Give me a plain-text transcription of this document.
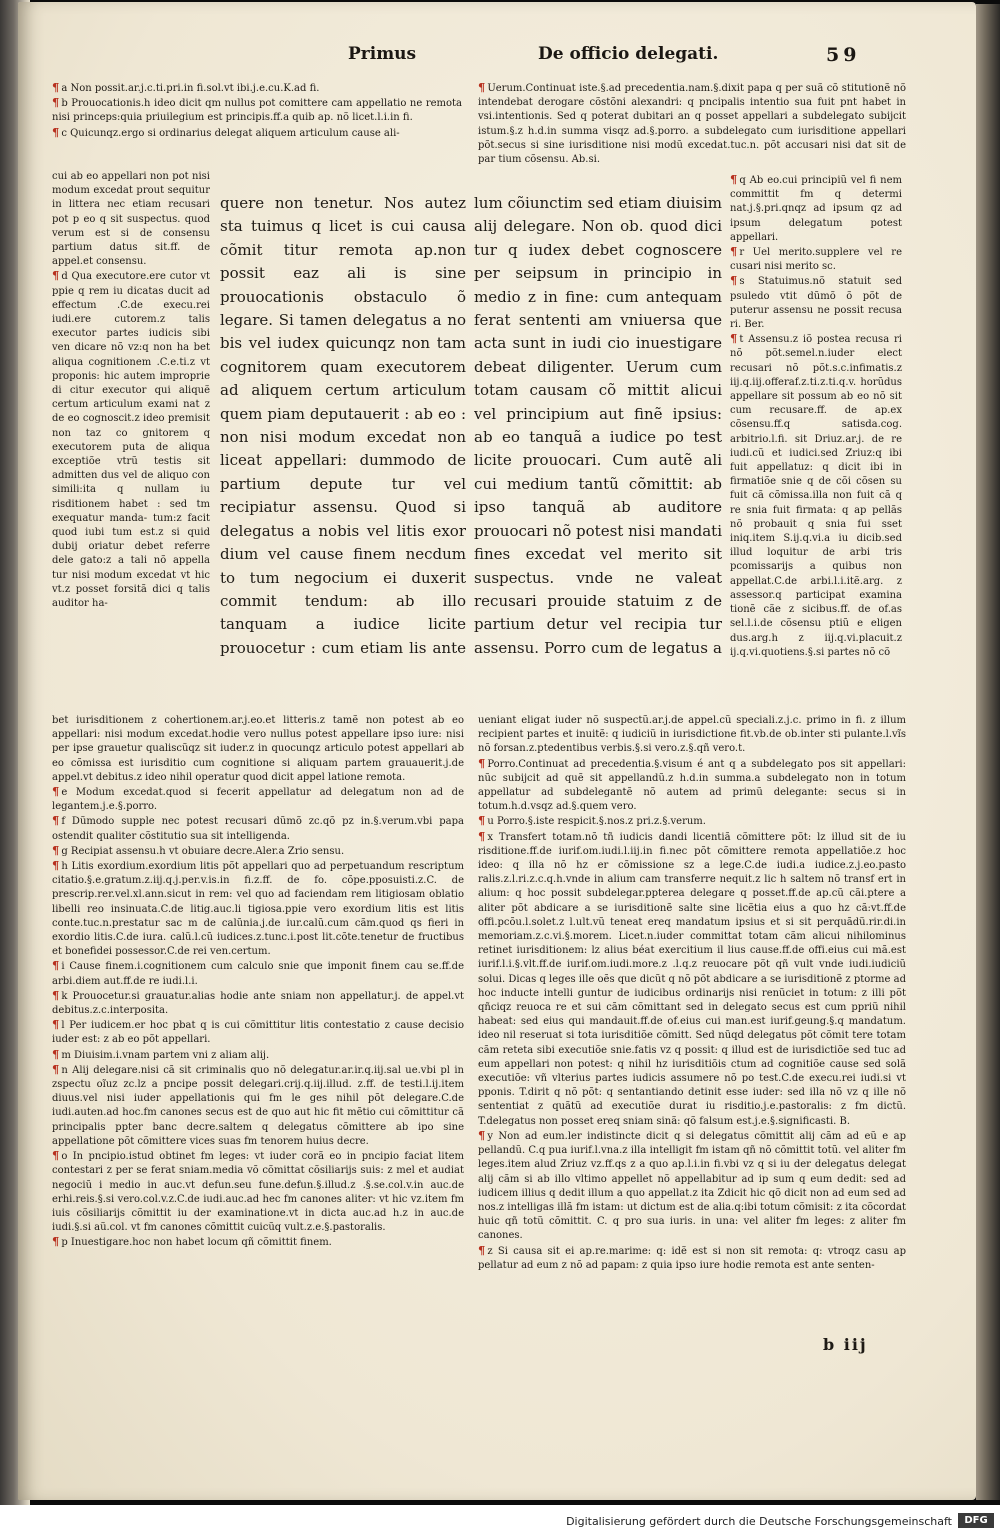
Primus	De officio delegati.	59

¶ a Non possit.ar.j.c.ti.pri.in fi.sol.vt ibi.j.e.cu.K.ad fi.

¶ b Prouocationis.h ideo dicit qm nullus pot comittere cam appellatio ne remota nisi princeps:quia priuilegium est principis.ff.a quib ap. nõ licet.l.i.in fi.

¶ c Quicunqz.ergo si ordinarius delegat aliquem articulum cause ali-

cui ab eo appellari non pot nisi modum excedat prout sequitur in littera nec etiam recusari pot p eo q sit suspectus. quod verum est si de consensu partium datus sit.ff. de appel.et consensu.

¶ d Qua executore.ere cutor vt ppie q rem iu dicatas ducit ad effectum .C.de execu.rei iudi.ere cutorem.z talis executor partes iudicis sibi ven dicare nõ vz:q non ha bet aliqua cognitionem .C.e.ti.z vt proponis: hic autem improprie di citur executor qui aliquẽ certum articulum exami nat z de eo cognoscit.z ideo premisit non taz co gnitorem q executorem puta de aliqua exceptiõe vtrũ testis sit admitten dus vel de aliquo con simili:ita q nullam iu risditionem habet : sed tm exequatur manda- tum:z facit quod iubi tum est.z si quid dubij oriatur debet referre dele gato:z a tali nõ appella tur nisi modum excedat vt hic vt.z posset forsitã dici q talis auditor ha-

quere non tenetur. Nos autez sta tuimus q licet is cui causa cõmit titur remota ap.non possit eaz ali is sine prouocationis obstaculo õ legare. Si tamen delegatus a no bis vel iudex quicunqz non tam cognitorem quam executorem ad aliquem certum articulum quem piam deputauerit : ab eo : non nisi modum excedat non liceat appellari: dummodo de partium depute tur vel recipiatur assensu. Quod si delegatus a nobis vel litis exor dium vel cause finem necdum to tum negocium ei duxerit commit tendum: ab illo tanquam a iudice licite prouocetur : cum etiam lis ante

lum cõiunctim sed etiam diuisim alij delegare. Non ob. quod dici tur q iudex debet cognoscere per seipsum in principio in medio z in fine: cum antequam ferat sententi am vniuersa que acta sunt in iudi cio inuestigare debeat diligenter. Uerum cum totam causam cõ mittit alicui vel principium aut finẽ ipsius: ab eo tanquã a iudice po test licite prouocari. Cum autẽ ali cui medium tantũ cõmittit: ab ipso tanquã ab auditore prouocari nõ potest nisi mandati fines excedat vel merito sit suspectus. vnde ne valeat recusari prouide statuim z de partium detur vel recipia tur assensu. Porro cum de legatus a

¶ Uerum.Continuat iste.§.ad precedentia.nam.§.dixit papa q per suã cõ stitutionẽ nõ intendebat derogare cõstõni alexandri: q pncipalis intentio sua fuit pnt habet in vsi.intentionis. Sed q poterat dubitari an q posset appellari a subdelegato subijcit istum.§.z h.d.in summa visqz ad.§.porro. a subdelegato cum iurisditione appellari põt.secus si sine iurisditione nisi modũ excedat.tuc.n. põt accusari nisi dat sit de par tium cõsensu. Ab.si.

¶ q Ab eo.cui principiũ vel fi nem committit fm q determi nat.j.§.pri.qnqz ad ipsum qz ad ipsum delegatum potest appellari.

¶ r Uel merito.supplere vel re cusari nisi merito sc.

¶ s Statuimus.nõ statuit sed psuledo vtit dũmõ õ põt de puterur assensu ne possit recusa ri. Ber.

¶ t Assensu.z iõ postea recusa ri nõ põt.semel.n.iuder elect recusari nõ põt.s.c.infimatis.z iij.q.iij.offeraf.z.ti.z.ti.q.v. horũdus appellare sit possum ab eo nõ sit cum recusare.ff. de ap.ex cõsensu.ff.q satisda.cog. arbitrio.l.fi. sit Driuz.ar.j. de re iudi.cũ et iudici.sed Zriuz:q ibi fuit appellatuz: q dicit ibi in firmatiõe snie q de cõi cõsen su fuit cã cõmissa.illa non fuit cã q re snia fuit firmata: q ap pellãs nõ probauit q snia fui sset iniq.item S.ij.q.vi.a iu dicib.sed illud loquitur de arbi tris pcomissarijs a quibus non appellat.C.de arbi.l.i.itẽ.arg. z assessor.q participat examina tionẽ cãe z sicibus.ff. de of.as sel.l.i.de cõsensu ptiũ e eligen dus.arg.h z iij.q.vi.placuit.z ij.q.vi.quotiens.§.si partes nõ cõ

bet iurisditionem z cohertionem.ar.j.eo.et litteris.z tamẽ non potest ab eo appellari: nisi modum excedat.hodie vero nullus potest appellare ipso iure: nisi per ipse grauetur qualiscũqz sit iuder.z in quocunqz articulo potest appellari ab eo cõmissa est iurisditio cum cognitione si aliquam partem grauauerit.j.de appel.vt debitus.z ideo nihil operatur quod dicit appel latione remota.

¶ e Modum excedat.quod si fecerit appellatur ad delegatum non ad de legantem.j.e.§.porro.

¶ f Dũmodo supple nec potest recusari dũmõ zc.qõ pz in.§.verum.vbi papa ostendit qualiter cõstitutio sua sit intelligenda.

¶ g Recipiat assensu.h vt obuiare decre.Aler.a Zrio sensu.

¶ h Litis exordium.exordium litis põt appellari quo ad perpetuandum rescriptum citatio.§.e.gratum.z.iij.q.j.per.v.is.in fi.z.ff. de fo. cõpe.pposuisti.z.C. de prescrip.rer.vel.xl.ann.sicut in rem: vel quo ad faciendam rem litigiosam oblatio libelli reo insinuata.C.de litig.auc.li tigiosa.ppie vero exordium litis est litis conte.tuc.n.prestatur sac m de calũnia.j.de iur.calũ.cum cãm.quod qs fieri in exordio litis.C.de iura. calũ.l.cũ iudices.z.tunc.i.post lit.cõte.tenetur de fructibus et bonefidei possessor.C.de rei ven.certum.

¶ i Cause finem.i.cognitionem cum calculo snie que imponit finem cau se.ff.de arbi.diem aut.ff.de re iudi.l.i.

¶ k Prouocetur.si grauatur.alias hodie ante sniam non appellatur.j. de appel.vt debitus.z.c.interposita.

¶ l Per iudicem.er hoc pbat q is cui cõmittitur litis contestatio z cause decisio iuder est: z ab eo põt appellari.

¶ m Diuisim.i.vnam partem vni z aliam alij.

¶ n Alij delegare.nisi cã sit criminalis quo nõ delegatur.ar.ir.q.iij.sal ue.vbi pl in zspectu oĩuz zc.lz a pncipe possit delegari.crij.q.iij.illud. z.ff. de testi.l.ij.item diuus.vel nisi iuder appellationis qui fm le ges nihil põt delegare.C.de iudi.auten.ad hoc.fm canones secus est de quo aut hic fit mẽtio cui cõmittitur cã principalis ppter banc decre.saltem q delegatus cõmittere ab ipo sine appellatione põt cõmittere vices suas fm tenorem huius decre.

¶ o In pncipio.istud obtinet fm leges: vt iuder corã eo in pncipio faciat litem contestari z per se ferat sniam.media võ cõmittat cõsiliarijs suis: z mel et audiat negociũ i medio in auc.vt defun.seu fune.defun.§.illud.z .§.se.col.v.in auc.de erhi.reis.§.si vero.col.v.z.C.de iudi.auc.ad hec fm canones aliter: vt hic vz.item fm iuis cõsiliarijs cõmittit iu der examinatione.vt in dicta auc.ad h.z in auc.de iudi.§.si aũ.col. vt fm canones cõmittit cuicũq vult.z.e.§.pastoralis.

¶ p Inuestigare.hoc non habet locum qñ cõmittit finem.

ueniant eligat iuder nõ suspectũ.ar.j.de appel.cũ speciali.z.j.c. primo in fi. z illum recipient partes et inuitẽ: q iudiciũ in iurisdictione fit.vb.de ob.inter sti pulante.l.vĩs nõ forsan.z.ptedentibus verbis.§.si vero.z.§.qñ vero.t.

¶ Porro.Continuat ad precedentia.§.visum é ant q a subdelegato pos sit appellari: nũc subijcit ad quẽ sit appellandũ.z h.d.in summa.a subdelegato non in totum appellatur ad subdelegantẽ nõ autem ad primũ delegante: secus si in totum.h.d.vsqz ad.§.quem vero.

¶ u Porro.§.iste respicit.§.nos.z pri.z.§.verum.

¶ x Transfert totam.nõ tñ iudicis dandi licentiã cõmittere põt: lz illud sit de iu risditione.ff.de iurif.om.iudi.l.iij.in fi.nec põt cõmittere remota appellatiõe.z hoc ideo: q illa nõ hz er cõmissione sz a lege.C.de iudi.a iudice.z.j.eo.pasto ralis.z.l.ri.z.c.q.h.vnde in alium cam transferre nequit.z lic h saltem nõ transf ert in alium: q hoc possit subdelegar.ppterea delegare q posset.ff.de ap.cũ cãi.ptere a aliter põt abdicare a se iurisditionẽ salte sine licẽtia eius a quo hz cã:vt.ff.de offi.pcõu.l.solet.z l.ult.vũ teneat ereq mandatum ipsius et si sit perquãdũ.rir.di.in memoriam.z.c.vi.§.morem. Licet.n.iuder committat totam cãm alicui nihilominus retinet iurisditionem: lz alius béat exercitium il lius cause.ff.de offi.eius cui mã.est iurif.l.i.§.vlt.ff.de iurif.om.iudi.more.z .l.q.z reuocare põt qñ vult vnde iudi.iudiciũ solui. Dicas q leges ille oẽs que dicũt q nõ põt abdicare a se iurisditionẽ z ptorme ad hoc inducte intelli guntur de iudicibus ordinarijs nisi renũciet in totum: z illi põt qñciqz reuoca re et sui cãm cõmittant sed in delegato secus est cum ppriũ nihil habeat: sed eius qui mandauit.ff.de of.eius cui man.est iurif.geung.§.q mandatum. ideo nil reseruat si tota iurisditiõe cõmitt. Sed nũqd delegatus põt cõmit tere totam cãm reteta sibi executiõe snie.fatis vz q possit: q illud est de iurisdictiõe sed tuc ad eum appellari non potest: q nihil hz iurisditiõis ctum ad cognitiõe cause sed solã executiõe: vñ vlterius partes iudicis assumere nõ po test.C.de execu.rei iudi.si vt pponis. T.dirit q nõ põt: q sentantiando detinit esse iuder: sed illa nõ vz q ille nõ sententiat z quãtũ ad executiõe durat iu risditio.j.e.pastoralis: z fm dictũ. T.delegatus non posset ereq sniam sinã: qõ falsum est.j.e.§.significasti. B.

¶ y Non ad eum.ler indistincte dicit q si delegatus cõmittit alij cãm ad eũ e ap pellandũ. C.q pua iurif.l.vna.z illa intelligit fm istam qñ nõ cõmittit totũ. vel aliter fm leges.item alud Zriuz vz.ff.qs z a quo ap.l.i.in fi.vbi vz q si iu der delegatus delegat alij cãm si ab illo vltimo appellet nõ appellabitur ad ip sum q eum dedit: sed ad iudicem illius q dedit illum a quo appellat.z ita Zdicit hic qõ dicit non ad eum sed ad nos.z intelligas illã fm istam: ut dictum est de alia.q:ibi totum cõmisit: z ita cõcordat huic qñ totũ cõmittit. C. q pro sua iuris. in una: vel aliter fm leges: z aliter fm canones.

¶ z Si causa sit ei ap.re.marime: q: idẽ est si non sit remota: q: vtroqz casu ap pellatur ad eum z nõ ad papam: z quia ipso iure hodie remota est ante senten-

b iij
Digitalisierung gefördert durch die Deutsche Forschungsgemeinschaft	DFG
